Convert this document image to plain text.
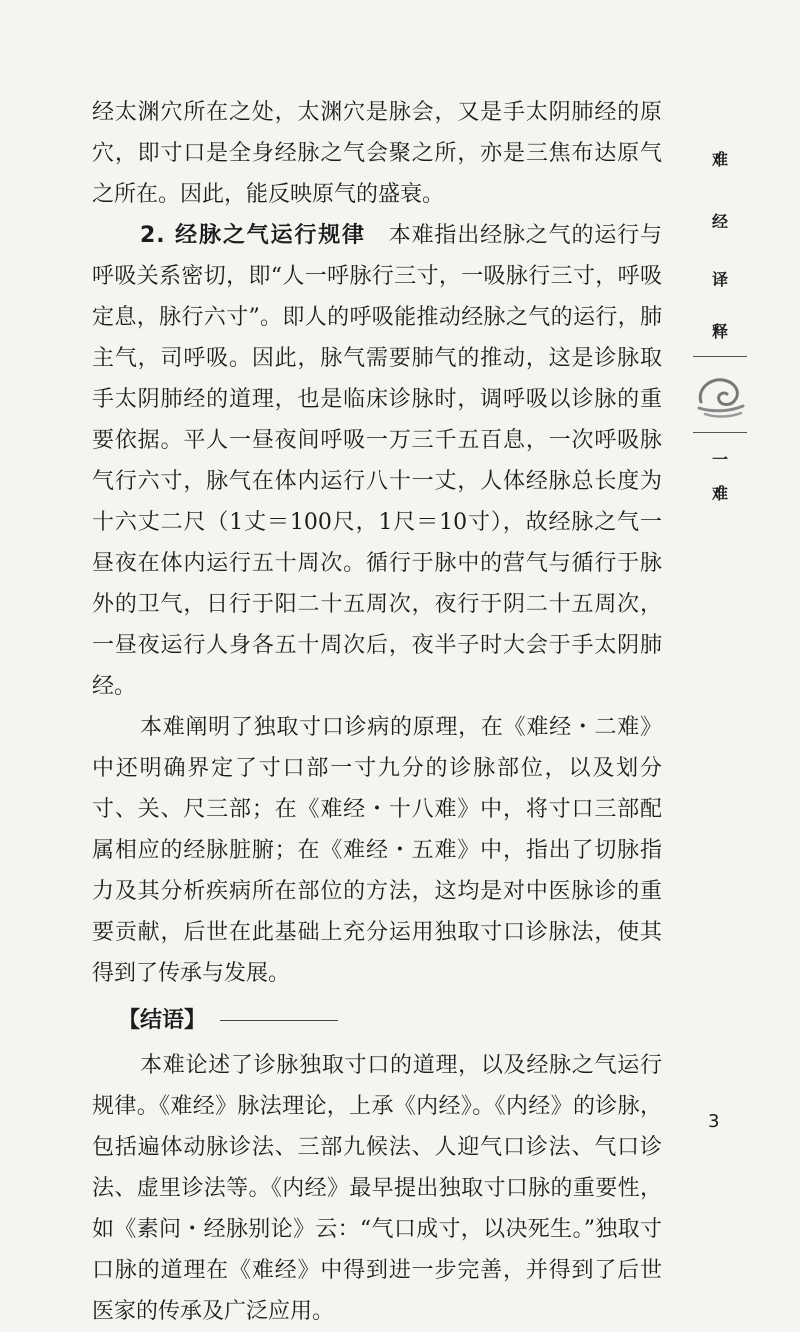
经太渊穴所在之处，太渊穴是脉会，又是手太阴肺经的原穴，即寸口是全身经脉之气会聚之所，亦是三焦布达原气之所在。因此，能反映原气的盛衰。

2. 经脉之气运行规律　本难指出经脉之气的运行与呼吸关系密切，即“人一呼脉行三寸，一吸脉行三寸，呼吸定息，脉行六寸”。即人的呼吸能推动经脉之气的运行，肺主气，司呼吸。因此，脉气需要肺气的推动，这是诊脉取手太阴肺经的道理，也是临床诊脉时，调呼吸以诊脉的重要依据。平人一昼夜间呼吸一万三千五百息，一次呼吸脉气行六寸，脉气在体内运行八十一丈，人体经脉总长度为十六丈二尺（1丈＝100尺，1尺＝10寸），故经脉之气一昼夜在体内运行五十周次。循行于脉中的营气与循行于脉外的卫气，日行于阳二十五周次，夜行于阴二十五周次，一昼夜运行人身各五十周次后，夜半子时大会于手太阴肺经。

本难阐明了独取寸口诊病的原理，在《难经・二难》中还明确界定了寸口部一寸九分的诊脉部位，以及划分寸、关、尺三部；在《难经・十八难》中，将寸口三部配属相应的经脉脏腑；在《难经・五难》中，指出了切脉指力及其分析疾病所在部位的方法，这均是对中医脉诊的重要贡献，后世在此基础上充分运用独取寸口诊脉法，使其得到了传承与发展。

【结语】

本难论述了诊脉独取寸口的道理，以及经脉之气运行规律。《难经》脉法理论，上承《内经》。《内经》的诊脉，包括遍体动脉诊法、三部九候法、人迎气口诊法、气口诊法、虚里诊法等。《内经》最早提出独取寸口脉的重要性，如《素问・经脉别论》云：“气口成寸，以决死生。”独取寸口脉的道理在《难经》中得到进一步完善，并得到了后世医家的传承及广泛应用。

难
经
译
释
一
难
3
